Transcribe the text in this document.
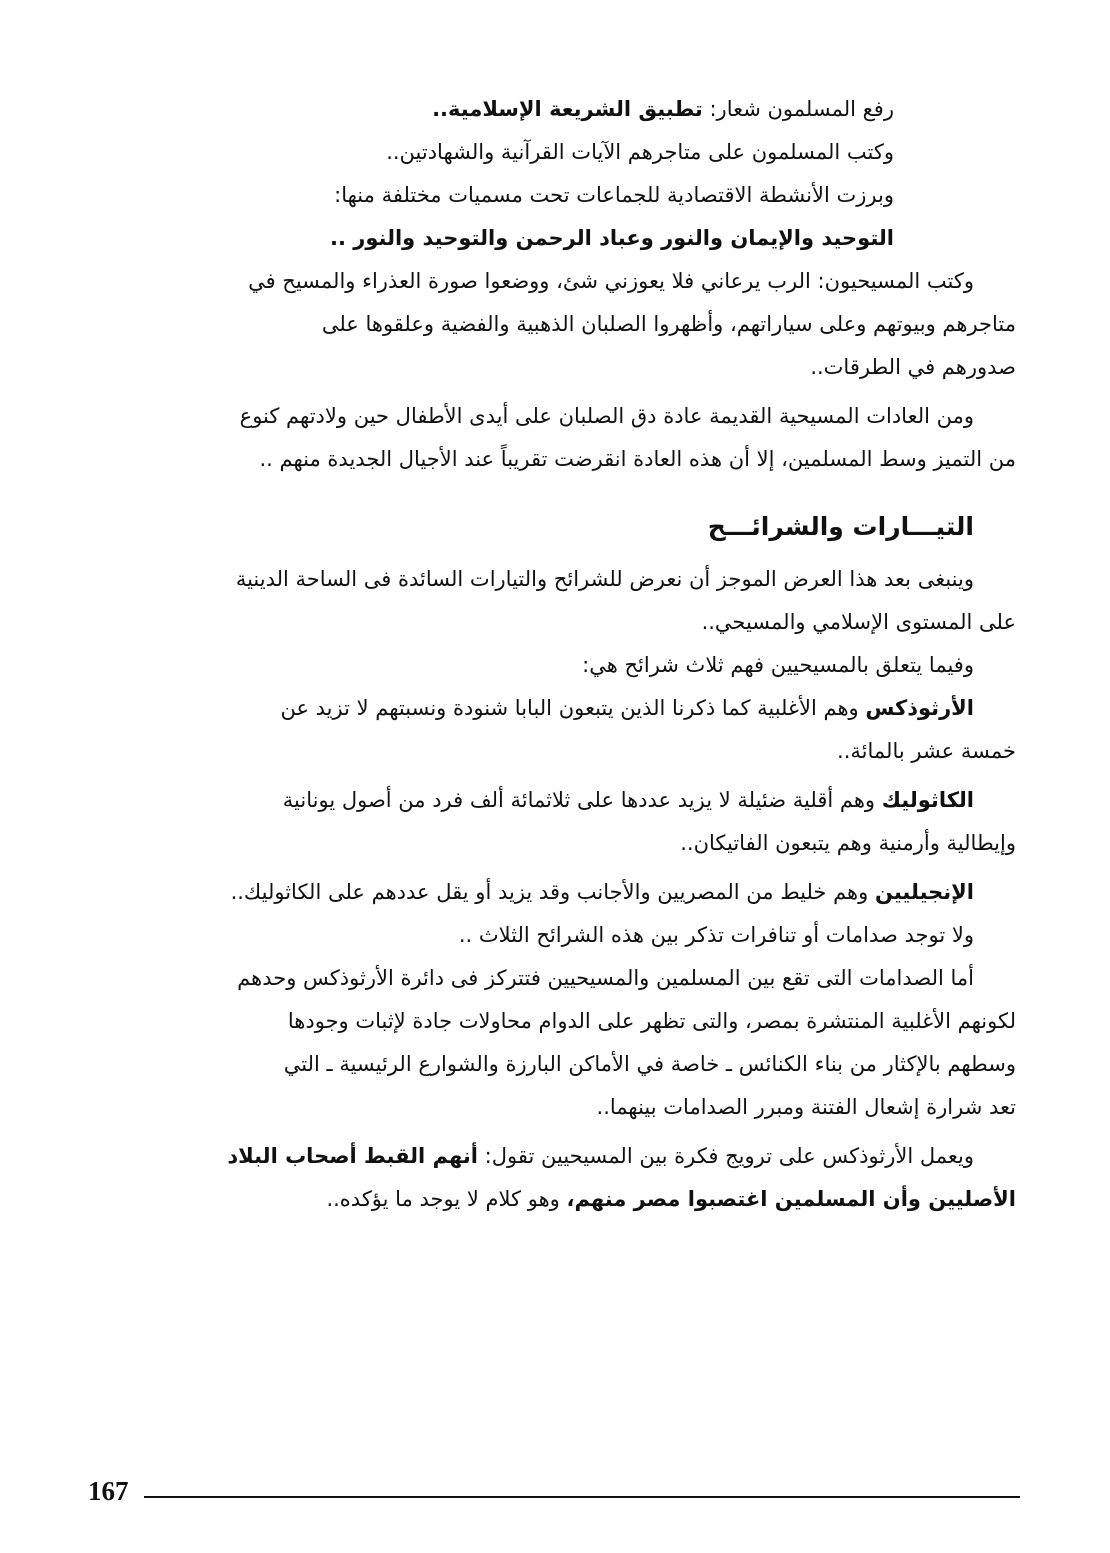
رفع المسلمون شعار: تطبيق الشريعة الإسلامية..

وكتب المسلمون على متاجرهم الآيات القرآنية والشهادتين..

وبرزت الأنشطة الاقتصادية للجماعات تحت مسميات مختلفة منها:

التوحيد والإيمان والنور وعباد الرحمن والتوحيد والنور ..

وكتب المسيحيون: الرب يرعاني فلا يعوزني شئ، ووضعوا صورة العذراء والمسيح في

متاجرهم وبيوتهم وعلى سياراتهم، وأظهروا الصلبان الذهبية والفضية وعلقوها على

صدورهم في الطرقات..

ومن العادات المسيحية القديمة عادة دق الصلبان على أيدى الأطفال حين ولادتهم كنوع

من التميز وسط المسلمين، إلا أن هذه العادة انقرضت تقريباً عند الأجيال الجديدة منهم ..

التيـــارات والشرائـــح

وينبغى بعد هذا العرض الموجز أن نعرض للشرائح والتيارات السائدة فى الساحة الدينية

على المستوى الإسلامي والمسيحي..

وفيما يتعلق بالمسيحيين فهم ثلاث شرائح هي:

الأرثوذكس وهم الأغلبية كما ذكرنا الذين يتبعون البابا شنودة ونسبتهم لا تزيد عن

خمسة عشر بالمائة..

الكاثوليك وهم أقلية ضئيلة لا يزيد عددها على ثلاثمائة ألف فرد من أصول يونانية

وإيطالية وأرمنية وهم يتبعون الفاتيكان..

الإنجيليين وهم خليط من المصريين والأجانب وقد يزيد أو يقل عددهم على الكاثوليك..

ولا توجد صدامات أو تنافرات تذكر بين هذه الشرائح الثلاث ..

أما الصدامات التى تقع بين المسلمين والمسيحيين فتتركز فى دائرة الأرثوذكس وحدهم

لكونهم الأغلبية المنتشرة بمصر، والتى تظهر على الدوام محاولات جادة لإثبات وجودها

وسطهم بالإكثار من بناء الكنائس ـ خاصة في الأماكن البارزة والشوارع الرئيسية ـ التي

تعد شرارة إشعال الفتنة ومبرر الصدامات بينهما..

ويعمل الأرثوذكس على ترويج فكرة بين المسيحيين تقول: أنهم القبط أصحاب البلاد

الأصليين وأن المسلمين اغتصبوا مصر منهم، وهو كلام لا يوجد ما يؤكده..

167
